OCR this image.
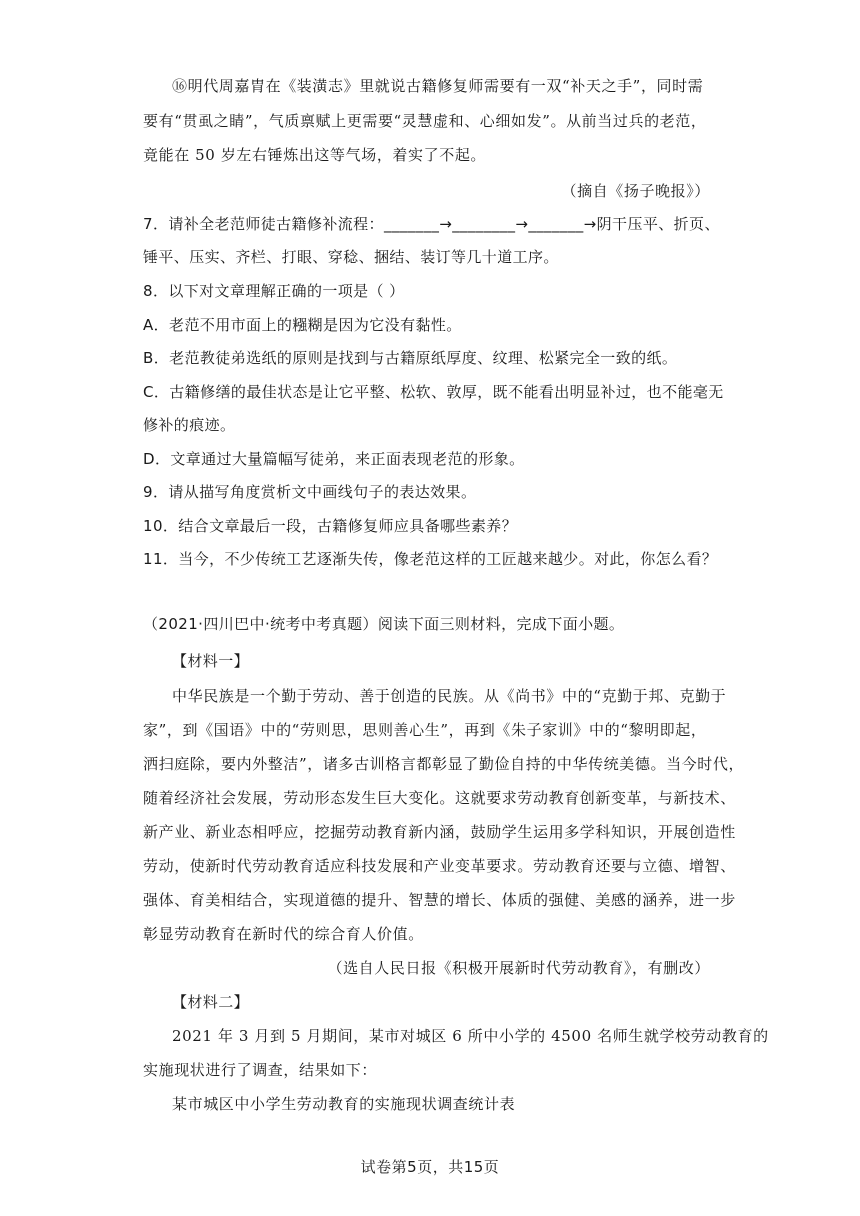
⑯明代周嘉胄在《装潢志》里就说古籍修复师需要有一双“补天之手”，同时需
要有“贯虱之睛”，气质禀赋上更需要“灵慧虚和、心细如发”。从前当过兵的老范，
竟能在 50 岁左右锤炼出这等气场，着实了不起。
（摘自《扬子晚报》）
7．请补全老范师徒古籍修补流程：_______→________→_______→阴干压平、折页、
锤平、压实、齐栏、打眼、穿稔、捆结、装订等几十道工序。
8．以下对文章理解正确的一项是（ ）
A．老范不用市面上的糨糊是因为它没有黏性。
B．老范教徒弟选纸的原则是找到与古籍原纸厚度、纹理、松紧完全一致的纸。
C．古籍修缮的最佳状态是让它平整、松软、敦厚，既不能看出明显补过，也不能毫无
修补的痕迹。
D．文章通过大量篇幅写徒弟，来正面表现老范的形象。
9．请从描写角度赏析文中画线句子的表达效果。
10．结合文章最后一段，古籍修复师应具备哪些素养？
11．当今，不少传统工艺逐渐失传，像老范这样的工匠越来越少。对此，你怎么看？
（2021·四川巴中·统考中考真题）阅读下面三则材料，完成下面小题。
【材料一】
中华民族是一个勤于劳动、善于创造的民族。从《尚书》中的“克勤于邦、克勤于
家”，到《国语》中的“劳则思，思则善心生”，再到《朱子家训》中的“黎明即起，
洒扫庭除，要内外整洁”，诸多古训格言都彰显了勤俭自持的中华传统美德。当今时代，
随着经济社会发展，劳动形态发生巨大变化。这就要求劳动教育创新变革，与新技术、
新产业、新业态相呼应，挖掘劳动教育新内涵，鼓励学生运用多学科知识，开展创造性
劳动，使新时代劳动教育适应科技发展和产业变革要求。劳动教育还要与立德、增智、
强体、育美相结合，实现道德的提升、智慧的增长、体质的强健、美感的涵养，进一步
彰显劳动教育在新时代的综合育人价值。
（选自人民日报《积极开展新时代劳动教育》，有删改）
【材料二】
2021 年 3 月到 5 月期间，某市对城区 6 所中小学的 4500 名师生就学校劳动教育的
实施现状进行了调查，结果如下：
某市城区中小学生劳动教育的实施现状调查统计表
试卷第5页，共15页
